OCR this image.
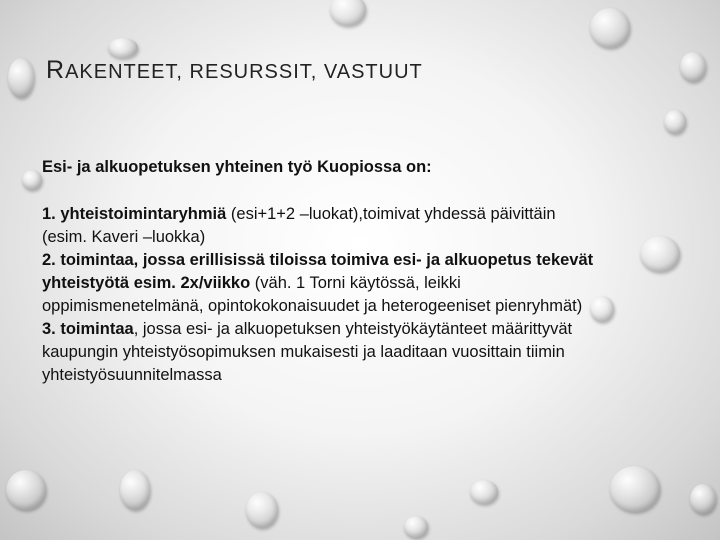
RAKENTEET, RESURSSIT, VASTUUT

Esi- ja alkuopetuksen yhteinen työ Kuopiossa on:

1. yhteistoimintaryhmiä (esi+1+2 –luokat),toimivat yhdessä päivittäin (esim. Kaveri –luokka)

2. toimintaa, jossa erillisissä tiloissa toimiva esi- ja alkuopetus tekevät yhteistyötä esim. 2x/viikko (väh. 1 Torni käytössä, leikki oppimismenetelmänä, opintokokonaisuudet ja heterogeeniset pienryhmät)

3. toimintaa, jossa esi- ja alkuopetuksen yhteistyökäytänteet määrittyvät kaupungin yhteistyösopimuksen mukaisesti ja laaditaan vuosittain tiimin yhteistyösuunnitelmassa
